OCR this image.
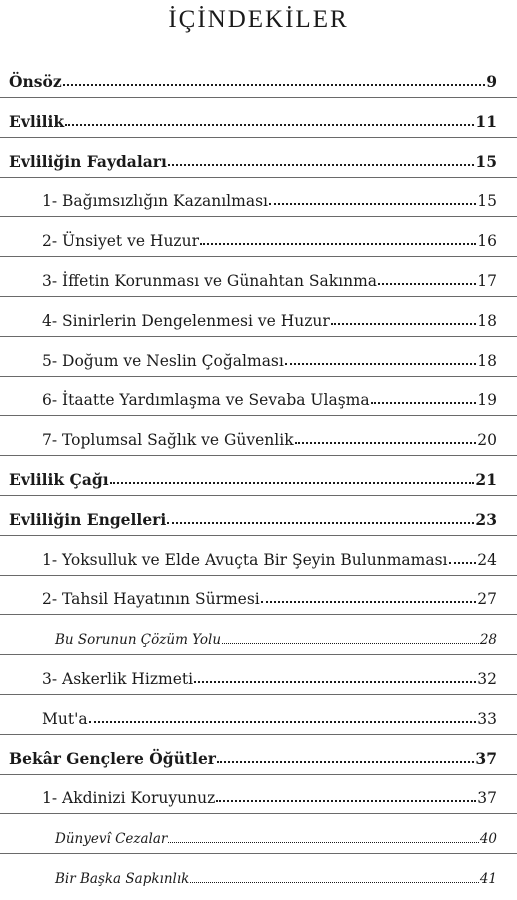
İÇİNDEKİLER
Önsöz	9
Evlilik	11
Evliliğin Faydaları	15
1- Bağımsızlığın Kazanılması	15
2- Ünsiyet ve Huzur	16
3- İffetin Korunması ve Günahtan Sakınma	17
4- Sinirlerin Dengelenmesi ve Huzur	18
5- Doğum ve Neslin Çoğalması	18
6- İtaatte Yardımlaşma ve Sevaba Ulaşma	19
7- Toplumsal Sağlık ve Güvenlik	20
Evlilik Çağı	21
Evliliğin Engelleri	23
1- Yoksulluk ve Elde Avuçta Bir Şeyin Bulunmaması 24
2- Tahsil Hayatının Sürmesi	27
Bu Sorunun Çözüm Yolu	28
3- Askerlik Hizmeti	32
Mut'a	33
Bekâr Gençlere Öğütler	37
1- Akdinizi Koruyunuz	37
Dünyevî Cezalar	40
Bir Başka Sapkınlık	41
